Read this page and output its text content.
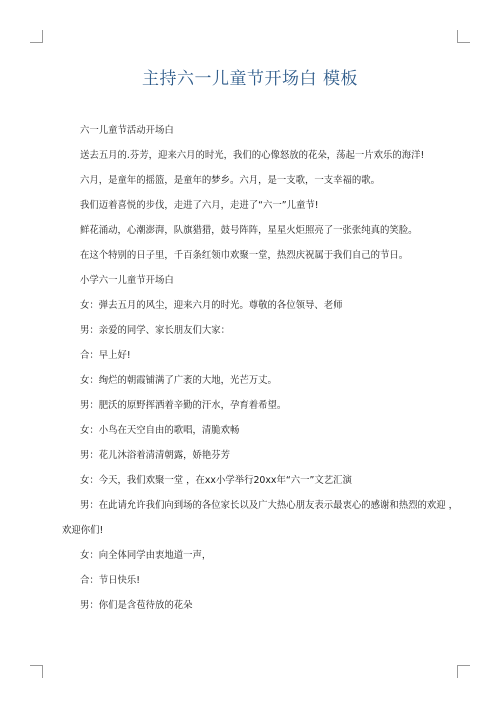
主持六一儿童节开场白 模板

六一儿童节活动开场白

送去五月的.芬芳，迎来六月的时光，我们的心像怒放的花朵，荡起一片欢乐的海洋!

六月，是童年的摇篮，是童年的梦乡。六月，是一支歌，一支幸福的歌。

我们迈着喜悦的步伐，走进了六月，走进了“六一”儿童节!

鲜花涌动，心潮澎湃，队旗猎猎，鼓号阵阵，星星火炬照亮了一张张纯真的笑脸。

在这个特别的日子里，千百条红领巾欢聚一堂，热烈庆祝属于我们自己的节日。

小学六一儿童节开场白

女：弹去五月的风尘，迎来六月的时光。尊敬的各位领导、老师

男：亲爱的同学、家长朋友们大家：

合：早上好!

女：绚烂的朝霞铺满了广袤的大地，光芒万丈。

男：肥沃的原野挥洒着辛勤的汗水，孕育着希望。

女：小鸟在天空自由的歌唱，清脆欢畅

男：花儿沐浴着清清朝露，娇艳芬芳

女：今天，我们欢聚一堂 ，在xx小学举行20xx年“六一”文艺汇演

男：在此请允许我们向到场的各位家长以及广大热心朋友表示最衷心的感谢和热烈的欢迎 ，欢迎你们!

女：向全体同学由衷地道一声，

合：节日快乐!

男：你们是含苞待放的花朵
